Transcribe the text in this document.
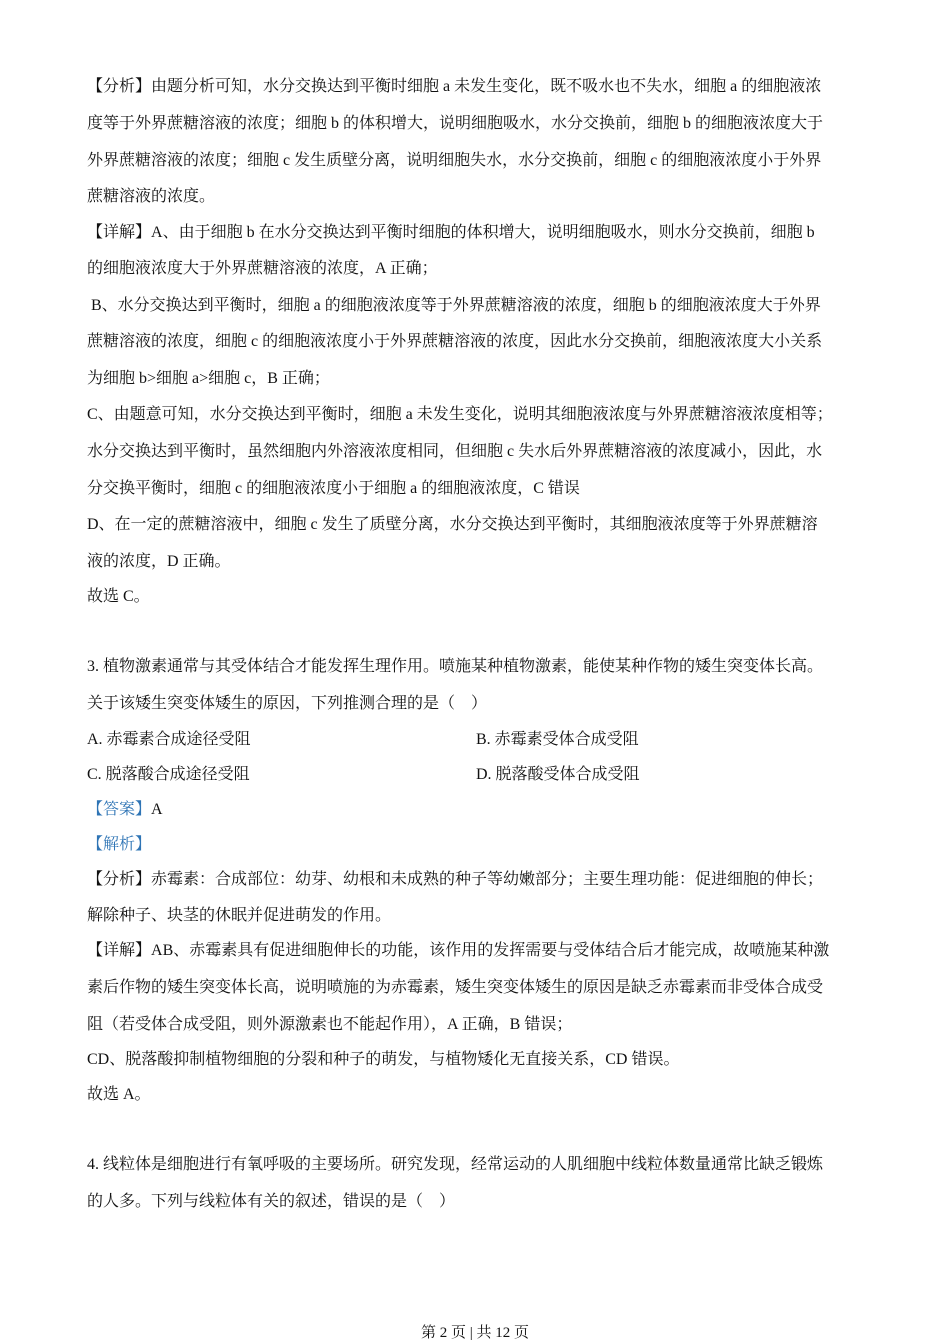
【分析】由题分析可知，水分交换达到平衡时细胞 a 未发生变化，既不吸水也不失水，细胞 a 的细胞液浓
度等于外界蔗糖溶液的浓度；细胞 b 的体积增大，说明细胞吸水，水分交换前，细胞 b 的细胞液浓度大于
外界蔗糖溶液的浓度；细胞 c 发生质壁分离，说明细胞失水，水分交换前，细胞 c 的细胞液浓度小于外界
蔗糖溶液的浓度。
【详解】A、由于细胞 b 在水分交换达到平衡时细胞的体积增大，说明细胞吸水，则水分交换前，细胞 b
的细胞液浓度大于外界蔗糖溶液的浓度，A 正确；
B、水分交换达到平衡时，细胞 a 的细胞液浓度等于外界蔗糖溶液的浓度，细胞 b 的细胞液浓度大于外界
蔗糖溶液的浓度，细胞 c 的细胞液浓度小于外界蔗糖溶液的浓度，因此水分交换前，细胞液浓度大小关系
为细胞 b>细胞 a>细胞 c，B 正确；
C、由题意可知，水分交换达到平衡时，细胞 a 未发生变化，说明其细胞液浓度与外界蔗糖溶液浓度相等；
水分交换达到平衡时，虽然细胞内外溶液浓度相同，但细胞 c 失水后外界蔗糖溶液的浓度减小，因此，水
分交换平衡时，细胞 c 的细胞液浓度小于细胞 a 的细胞液浓度，C 错误
D、在一定的蔗糖溶液中，细胞 c 发生了质壁分离，水分交换达到平衡时，其细胞液浓度等于外界蔗糖溶
液的浓度，D 正确。
故选 C。
3. 植物激素通常与其受体结合才能发挥生理作用。喷施某种植物激素，能使某种作物的矮生突变体长高。
关于该矮生突变体矮生的原因，下列推测合理的是（　）
A. 赤霉素合成途径受阻	B. 赤霉素受体合成受阻
C. 脱落酸合成途径受阻	D. 脱落酸受体合成受阻
【答案】A
【解析】
【分析】赤霉素：合成部位：幼芽、幼根和未成熟的种子等幼嫩部分；主要生理功能：促进细胞的伸长；
解除种子、块茎的休眠并促进萌发的作用。
【详解】AB、赤霉素具有促进细胞伸长的功能，该作用的发挥需要与受体结合后才能完成，故喷施某种激
素后作物的矮生突变体长高，说明喷施的为赤霉素，矮生突变体矮生的原因是缺乏赤霉素而非受体合成受
阻（若受体合成受阻，则外源激素也不能起作用），A 正确，B 错误；
CD、脱落酸抑制植物细胞的分裂和种子的萌发，与植物矮化无直接关系，CD 错误。
故选 A。
4. 线粒体是细胞进行有氧呼吸的主要场所。研究发现，经常运动的人肌细胞中线粒体数量通常比缺乏锻炼
的人多。下列与线粒体有关的叙述，错误的是（　）
第 2 页 | 共 12 页
